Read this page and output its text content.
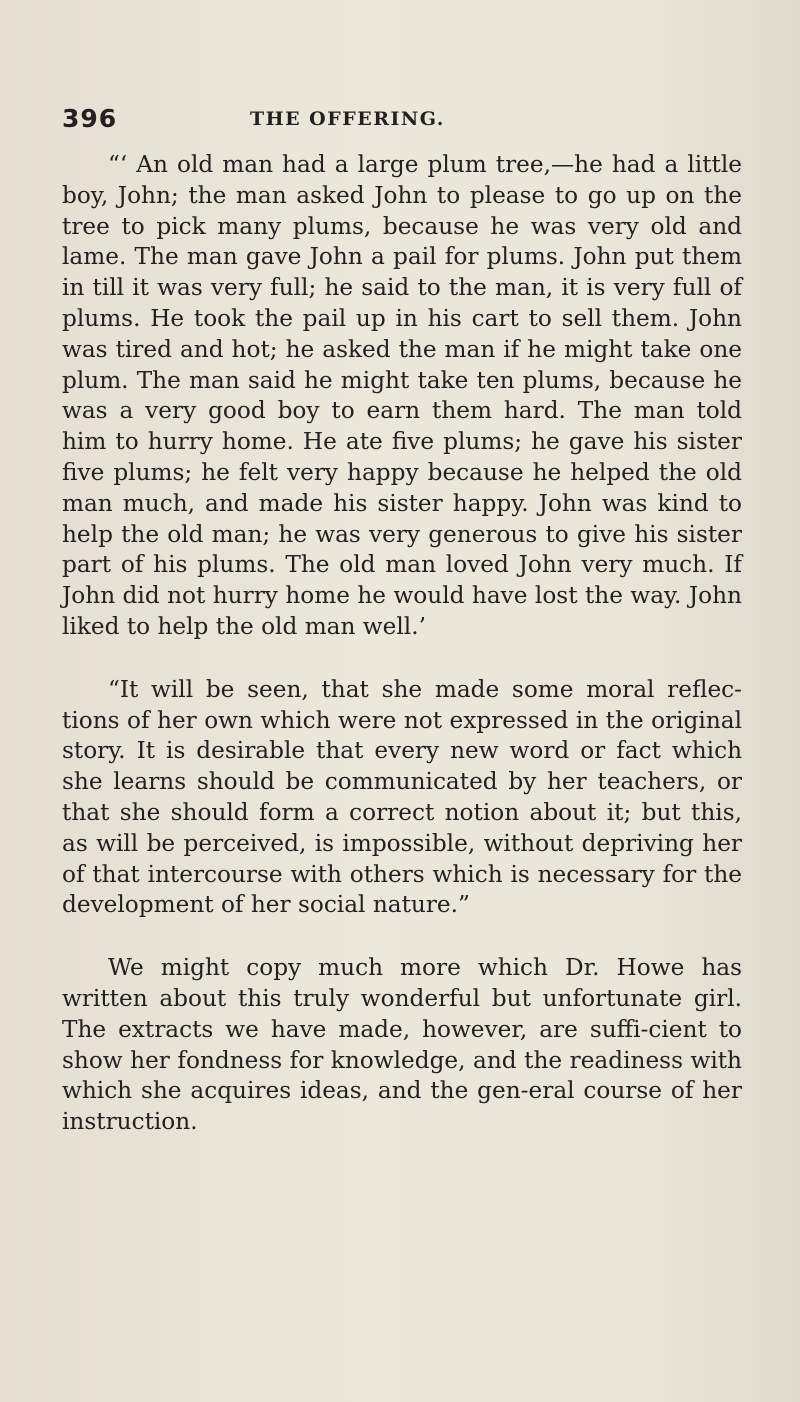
396	THE OFFERING.

“‘ An old man had a large plum tree,—he had a little boy, John; the man asked John to please to go up on the tree to pick many plums, because he was very old and lame. The man gave John a pail for plums. John put them in till it was very full; he said to the man, it is very full of plums. He took the pail up in his cart to sell them. John was tired and hot; he asked the man if he might take one plum. The man said he might take ten plums, because he was a very good boy to earn them hard. The man told him to hurry home. He ate five plums; he gave his sister five plums; he felt very happy because he helped the old man much, and made his sister happy. John was kind to help the old man; he was very generous to give his sister part of his plums. The old man loved John very much. If John did not hurry home he would have lost the way. John liked to help the old man well.’

“It will be seen, that she made some moral reflec-tions of her own which were not expressed in the original story. It is desirable that every new word or fact which she learns should be communicated by her teachers, or that she should form a correct notion about it; but this, as will be perceived, is impossible, without depriving her of that intercourse with others which is necessary for the development of her social nature.”

We might copy much more which Dr. Howe has written about this truly wonderful but unfortunate girl. The extracts we have made, however, are suffi-cient to show her fondness for knowledge, and the readiness with which she acquires ideas, and the gen-eral course of her instruction.
